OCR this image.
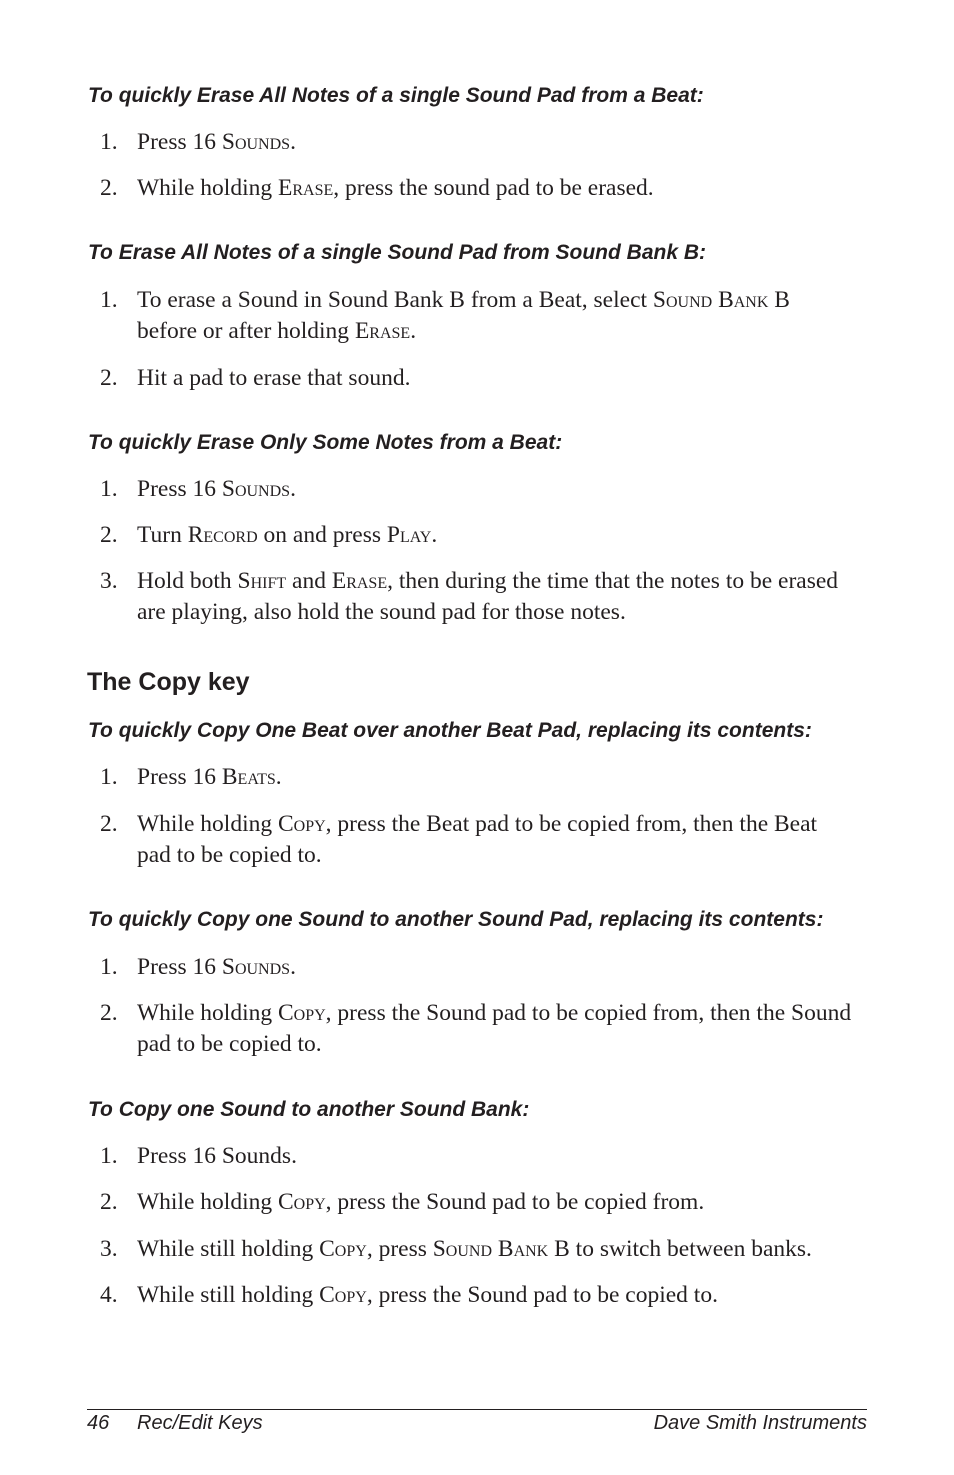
To quickly Erase All Notes of a single Sound Pad from a Beat:
1. Press 16 Sounds.
2. While holding Erase, press the sound pad to be erased.
To Erase All Notes of a single Sound Pad from Sound Bank B:
1. To erase a Sound in Sound Bank B from a Beat, select Sound Bank B
before or after holding Erase.
2. Hit a pad to erase that sound.
To quickly Erase Only Some Notes from a Beat:
1. Press 16 Sounds.
2. Turn Record on and press Play.
3. Hold both Shift and Erase, then during the time that the notes to be erased
are playing, also hold the sound pad for those notes.
The Copy key
To quickly Copy One Beat over another Beat Pad, replacing its contents:
1. Press 16 Beats.
2. While holding Copy, press the Beat pad to be copied from, then the Beat
pad to be copied to.
To quickly Copy one Sound to another Sound Pad, replacing its contents:
1. Press 16 Sounds.
2. While holding Copy, press the Sound pad to be copied from, then the Sound
pad to be copied to.
To Copy one Sound to another Sound Bank:
1. Press 16 Sounds.
2. While holding Copy, press the Sound pad to be copied from.
3. While still holding Copy, press Sound Bank B to switch between banks.
4. While still holding Copy, press the Sound pad to be copied to.
46 Rec/Edit Keys	Dave Smith Instruments
